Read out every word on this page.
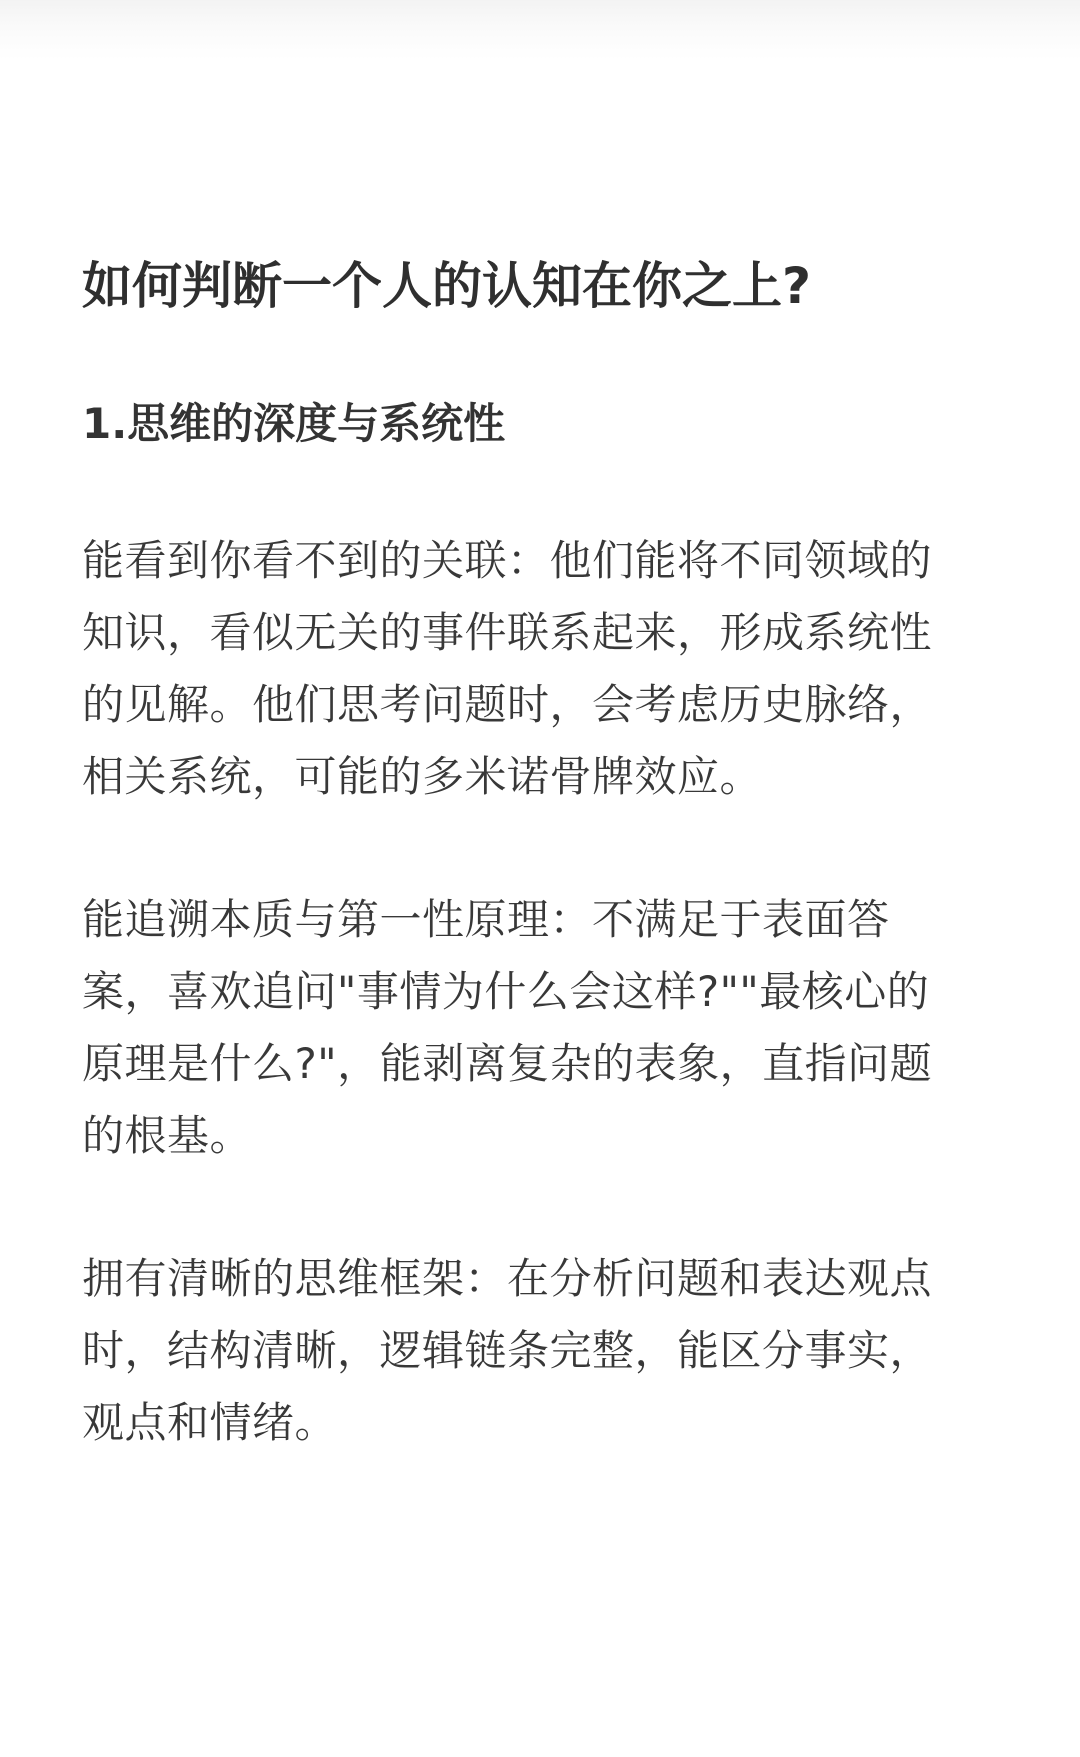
如何判断一个人的认知在你之上?
1.思维的深度与系统性

能看到你看不到的关联：他们能将不同领域的
知识，看似无关的事件联系起来，形成系统性
的见解。他们思考问题时，会考虑历史脉络，
相关系统，可能的多米诺骨牌效应。

能追溯本质与第一性原理：不满足于表面答
案，喜欢追问"事情为什么会这样?""最核心的
原理是什么?"，能剥离复杂的表象，直指问题
的根基。

拥有清晰的思维框架：在分析问题和表达观点
时，结构清晰，逻辑链条完整，能区分事实，
观点和情绪。
